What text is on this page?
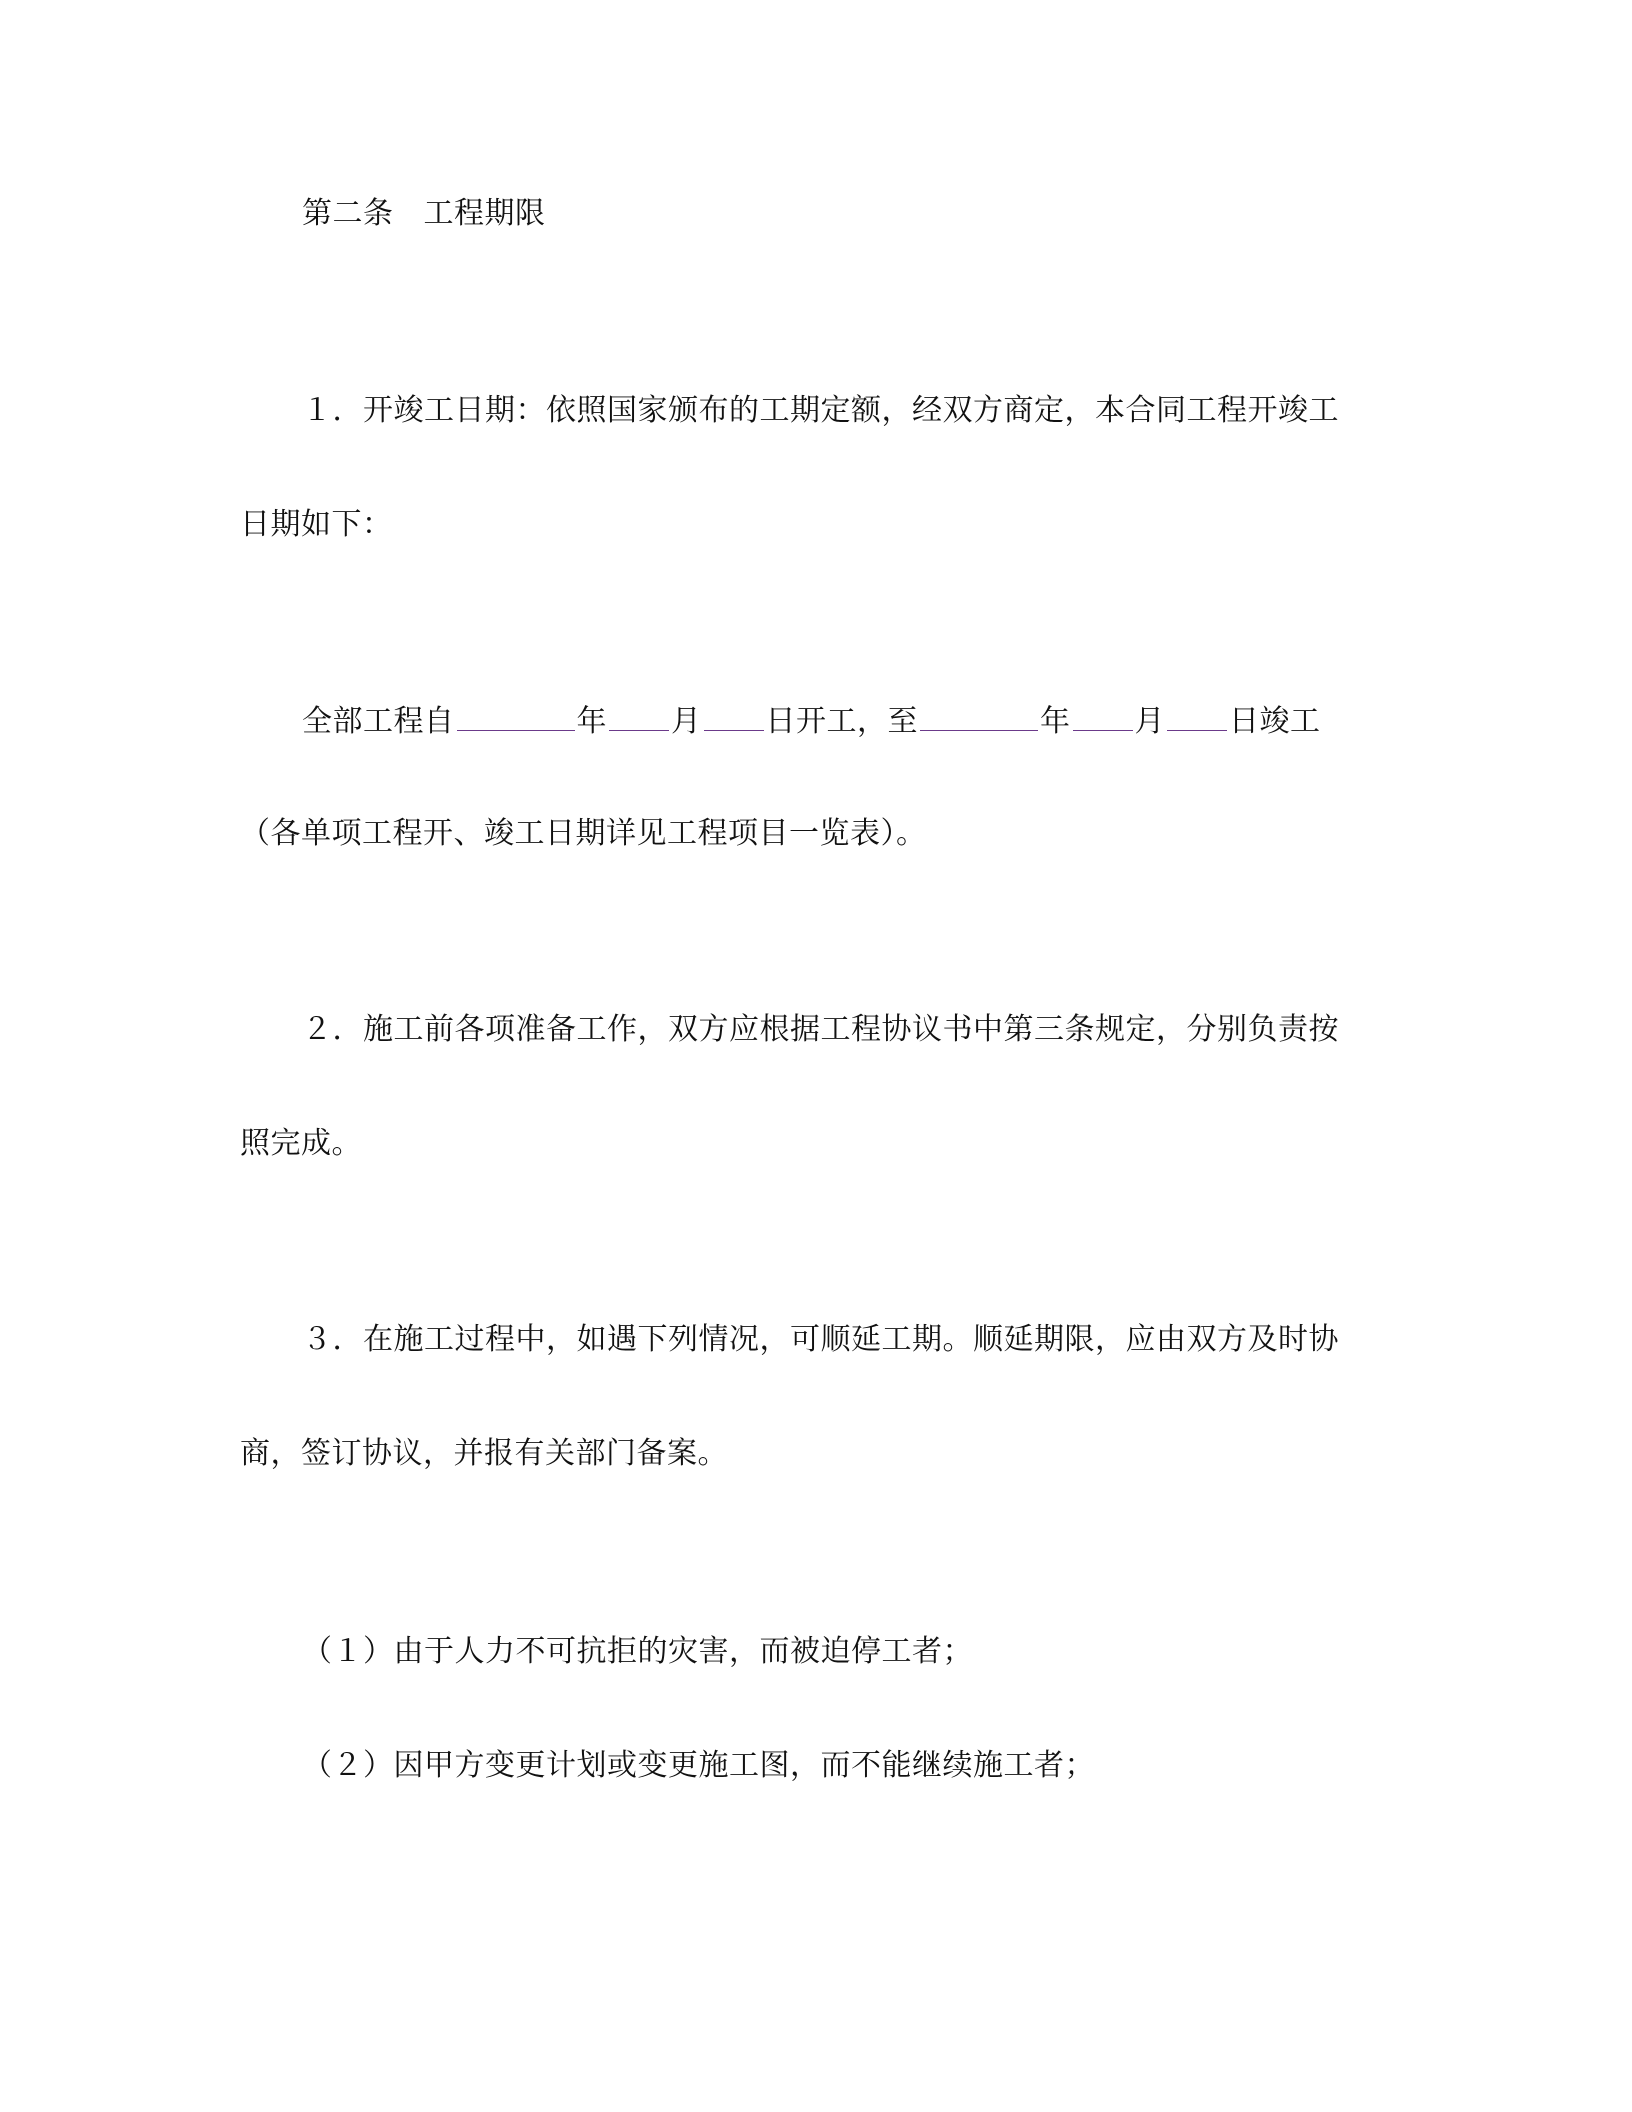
第二条 工程期限
１．开竣工日期：依照国家颁布的工期定额，经双方商定，本合同工程开竣工
日期如下：
全部工程自	年 月 日开工，至	年 月 日竣工
（各单项工程开、竣工日期详见工程项目一览表）。
２．施工前各项准备工作，双方应根据工程协议书中第三条规定，分别负责按
照完成。
３．在施工过程中，如遇下列情况，可顺延工期。顺延期限，应由双方及时协
商，签订协议，并报有关部门备案。
（１）由于人力不可抗拒的灾害，而被迫停工者；
（２）因甲方变更计划或变更施工图，而不能继续施工者；
